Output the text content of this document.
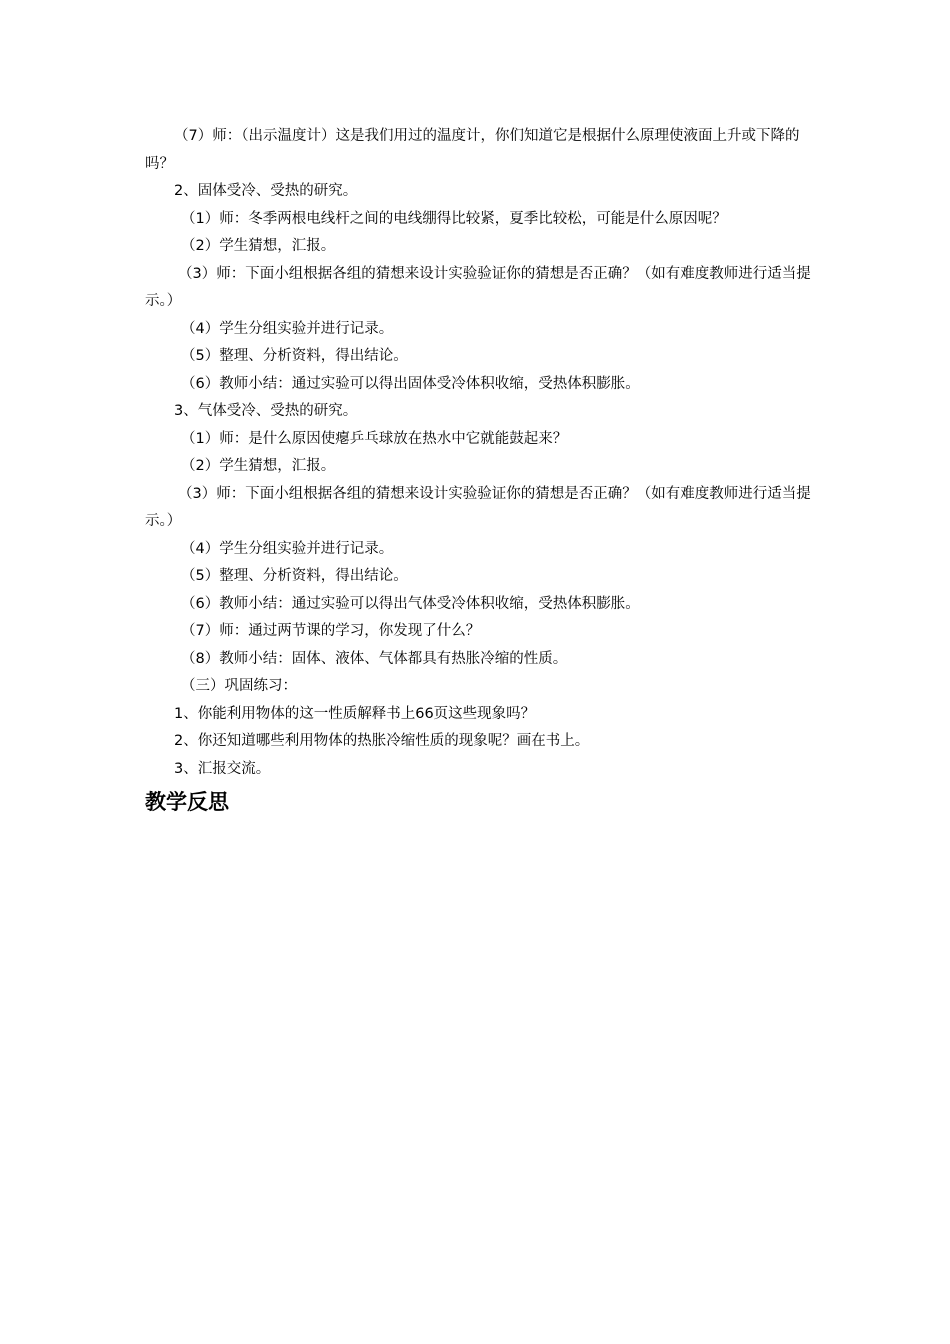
（7）师：（出示温度计）这是我们用过的温度计，你们知道它是根据什么原理使液面上升或下降的吗？

2、固体受冷、受热的研究。

（1）师：冬季两根电线杆之间的电线绷得比较紧，夏季比较松，可能是什么原因呢？

（2）学生猜想，汇报。

（3）师：下面小组根据各组的猜想来设计实验验证你的猜想是否正确？（如有难度教师进行适当提示。）

（4）学生分组实验并进行记录。

（5）整理、分析资料，得出结论。

（6）教师小结：通过实验可以得出固体受冷体积收缩，受热体积膨胀。

3、气体受冷、受热的研究。

（1）师：是什么原因使瘪乒乓球放在热水中它就能鼓起来？

（2）学生猜想，汇报。

（3）师：下面小组根据各组的猜想来设计实验验证你的猜想是否正确？（如有难度教师进行适当提示。）

（4）学生分组实验并进行记录。

（5）整理、分析资料，得出结论。

（6）教师小结：通过实验可以得出气体受冷体积收缩，受热体积膨胀。

（7）师：通过两节课的学习，你发现了什么？

（8）教师小结：固体、液体、气体都具有热胀冷缩的性质。

（三）巩固练习：

1、你能利用物体的这一性质解释书上66页这些现象吗？

2、你还知道哪些利用物体的热胀冷缩性质的现象呢？画在书上。

3、汇报交流。

教学反思
